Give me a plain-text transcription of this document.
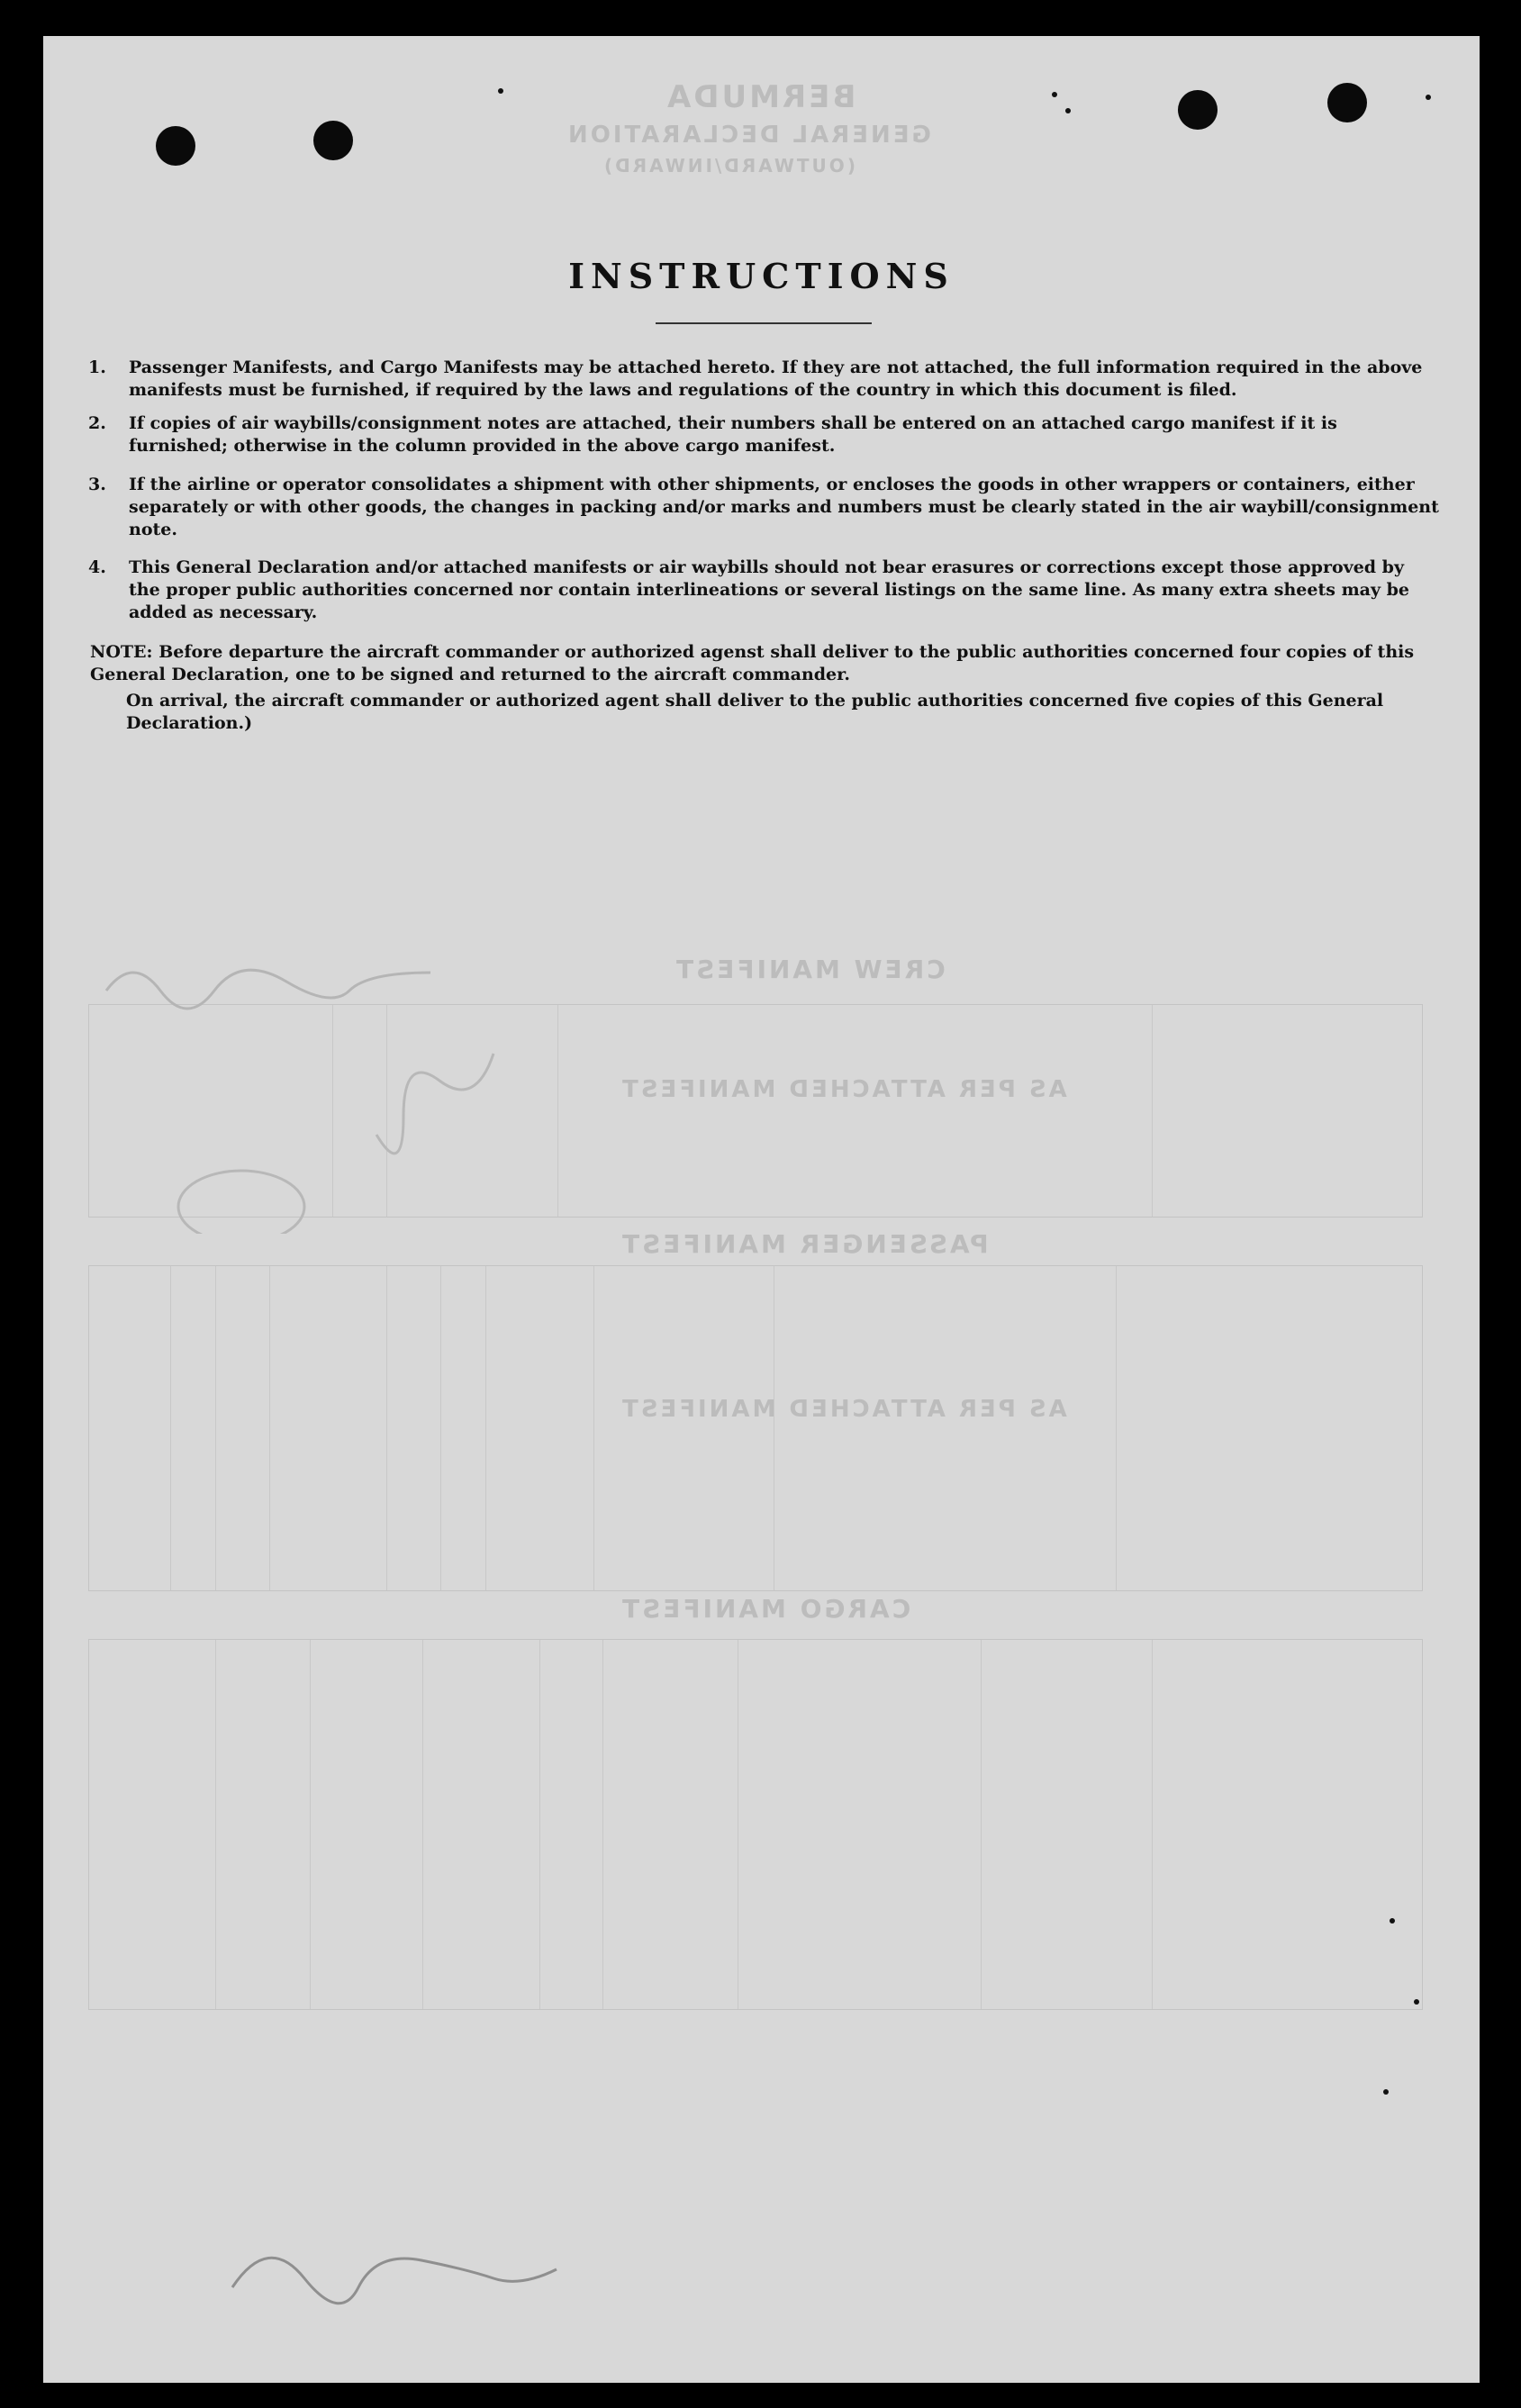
BERMUDA
GENERAL DECLARATION
(OUTWARD/INWARD)
CREW MANIFEST
AS PER ATTACHED MANIFEST
PASSENGER MANIFEST
AS PER ATTACHED MANIFEST
CARGO MANIFEST
INSTRUCTIONS
1. Passenger Manifests, and Cargo Manifests may be attached hereto. If they are not attached, the full information required in the above manifests must be furnished, if required by the laws and regulations of the country in which this document is filed.
2. If copies of air waybills/consignment notes are attached, their numbers shall be entered on an attached cargo manifest if it is furnished; otherwise in the column provided in the above cargo manifest.
3. If the airline or operator consolidates a shipment with other shipments, or encloses the goods in other wrappers or containers, either separately or with other goods, the changes in packing and/or marks and numbers must be clearly stated in the air waybill/consignment note.
4. This General Declaration and/or attached manifests or air waybills should not bear erasures or corrections except those approved by the proper public authorities concerned nor contain interlineations or several listings on the same line. As many extra sheets may be added as necessary.
NOTE: Before departure the aircraft commander or authorized agenst shall deliver to the public authorities concerned four copies of this General Declaration, one to be signed and returned to the aircraft commander.
On arrival, the aircraft commander or authorized agent shall deliver to the public authorities concerned five copies of this General Declaration.)
